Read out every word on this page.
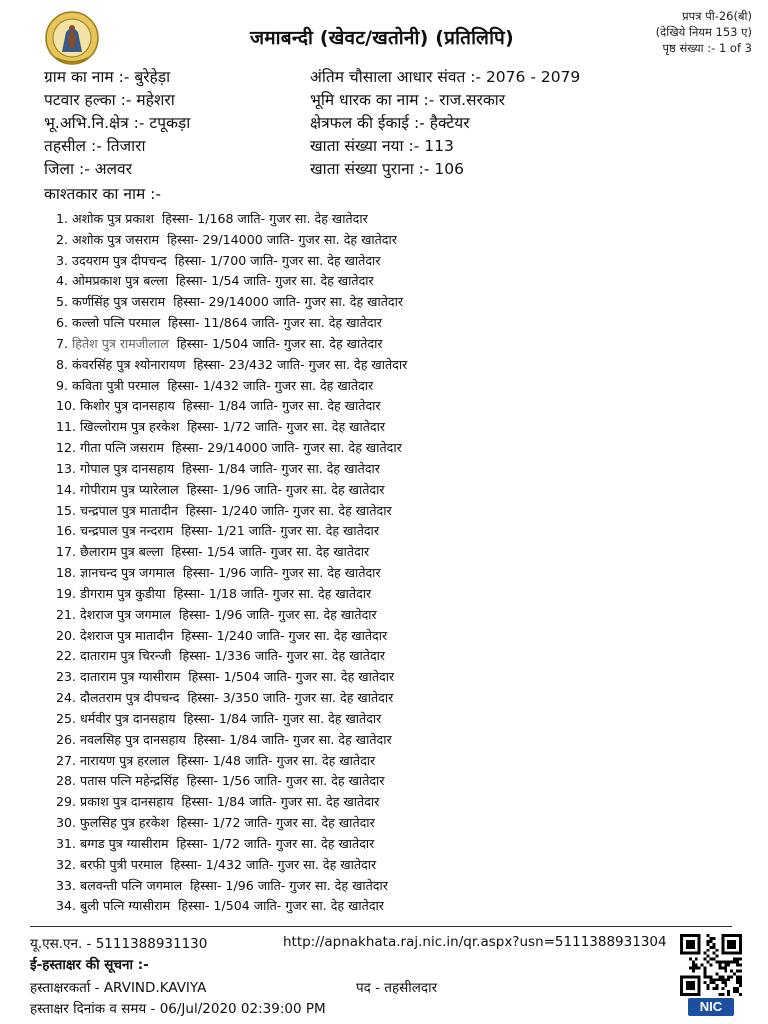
जमाबन्दी (खेवट/खतोनी) (प्रतिलिपि)
प्रपत्र पी-26(बी)
(देखिये नियम 153 ए)
पृष्ठ संख्या :- 1 of 3
ग्राम का नाम :- बुरेहेड़ा
पटवार हल्का :- महेशरा
भू.अभि.नि.क्षेत्र :- टपूकड़ा
तहसील :- तिजारा
जिला :- अलवर
अंतिम चौसाला आधार संवत :- 2076 - 2079
भूमि धारक का नाम :- राज.सरकार
क्षेत्रफल की ईकाई :- हैक्टेयर
खाता संख्या नया :- 113
खाता संख्या पुराना :- 106
काश्तकार का नाम :-
1. अशोक पुत्र प्रकाश हिस्सा- 1/168 जाति- गुजर सा. देह खातेदार
2. अशोक पुत्र जसराम हिस्सा- 29/14000 जाति- गुजर सा. देह खातेदार
3. उदयराम पुत्र दीपचन्द हिस्सा- 1/700 जाति- गुजर सा. देह खातेदार
4. ओमप्रकाश पुत्र बल्ला हिस्सा- 1/54 जाति- गुजर सा. देह खातेदार
5. कर्णसिंह पुत्र जसराम हिस्सा- 29/14000 जाति- गुजर सा. देह खातेदार
6. कल्लो पत्नि परमाल हिस्सा- 11/864 जाति- गुजर सा. देह खातेदार
7. हितेश पुत्र रामजीलाल हिस्सा- 1/504 जाति- गुजर सा. देह खातेदार
8. कंवरसिंह पुत्र श्योनारायण हिस्सा- 23/432 जाति- गुजर सा. देह खातेदार
9. कविता पुत्री परमाल हिस्सा- 1/432 जाति- गुजर सा. देह खातेदार
10. किशोर पुत्र दानसहाय हिस्सा- 1/84 जाति- गुजर सा. देह खातेदार
11. खिल्लोराम पुत्र हरकेश हिस्सा- 1/72 जाति- गुजर सा. देह खातेदार
12. गीता पत्नि जसराम हिस्सा- 29/14000 जाति- गुजर सा. देह खातेदार
13. गोपाल पुत्र दानसहाय हिस्सा- 1/84 जाति- गुजर सा. देह खातेदार
14. गोपीराम पुत्र प्यारेलाल हिस्सा- 1/96 जाति- गुजर सा. देह खातेदार
15. चन्द्रपाल पुत्र मातादीन हिस्सा- 1/240 जाति- गुजर सा. देह खातेदार
16. चन्द्रपाल पुत्र नन्दराम हिस्सा- 1/21 जाति- गुजर सा. देह खातेदार
17. छैलाराम पुत्र बल्ला हिस्सा- 1/54 जाति- गुजर सा. देह खातेदार
18. ज्ञानचन्द पुत्र जगमाल हिस्सा- 1/96 जाति- गुजर सा. देह खातेदार
19. डीगराम पुत्र कुडीया हिस्सा- 1/18 जाति- गुजर सा. देह खातेदार
21. देशराज पुत्र जगमाल हिस्सा- 1/96 जाति- गुजर सा. देह खातेदार
20. देशराज पुत्र मातादीन हिस्सा- 1/240 जाति- गुजर सा. देह खातेदार
22. दाताराम पुत्र चिरन्जी हिस्सा- 1/336 जाति- गुजर सा. देह खातेदार
23. दाताराम पुत्र ग्यासीराम हिस्सा- 1/504 जाति- गुजर सा. देह खातेदार
24. दौलतराम पुत्र दीपचन्द हिस्सा- 3/350 जाति- गुजर सा. देह खातेदार
25. धर्मवीर पुत्र दानसहाय हिस्सा- 1/84 जाति- गुजर सा. देह खातेदार
26. नवलसिह पुत्र दानसहाय हिस्सा- 1/84 जाति- गुजर सा. देह खातेदार
27. नारायण पुत्र हरलाल हिस्सा- 1/48 जाति- गुजर सा. देह खातेदार
28. पतास पत्नि महेन्द्रसिंह हिस्सा- 1/56 जाति- गुजर सा. देह खातेदार
29. प्रकाश पुत्र दानसहाय हिस्सा- 1/84 जाति- गुजर सा. देह खातेदार
30. फुलसिह पुत्र हरकेश हिस्सा- 1/72 जाति- गुजर सा. देह खातेदार
31. बग्गड पुत्र ग्यासीराम हिस्सा- 1/72 जाति- गुजर सा. देह खातेदार
32. बरफी पुत्री परमाल हिस्सा- 1/432 जाति- गुजर सा. देह खातेदार
33. बलवन्ती पत्नि जगमाल हिस्सा- 1/96 जाति- गुजर सा. देह खातेदार
34. बुली पत्नि ग्यासीराम हिस्सा- 1/504 जाति- गुजर सा. देह खातेदार
यू.एस.एन. - 5111388931130	http://apnakhata.raj.nic.in/qr.aspx?usn=5111388931304
ई-हस्ताक्षर की सूचना :-
हस्ताक्षरकर्ता - ARVIND.KAVIYA	पद - तहसीलदार
हस्ताक्षर दिनांक व समय - 06/Jul/2020 02:39:00 PM	NIC
